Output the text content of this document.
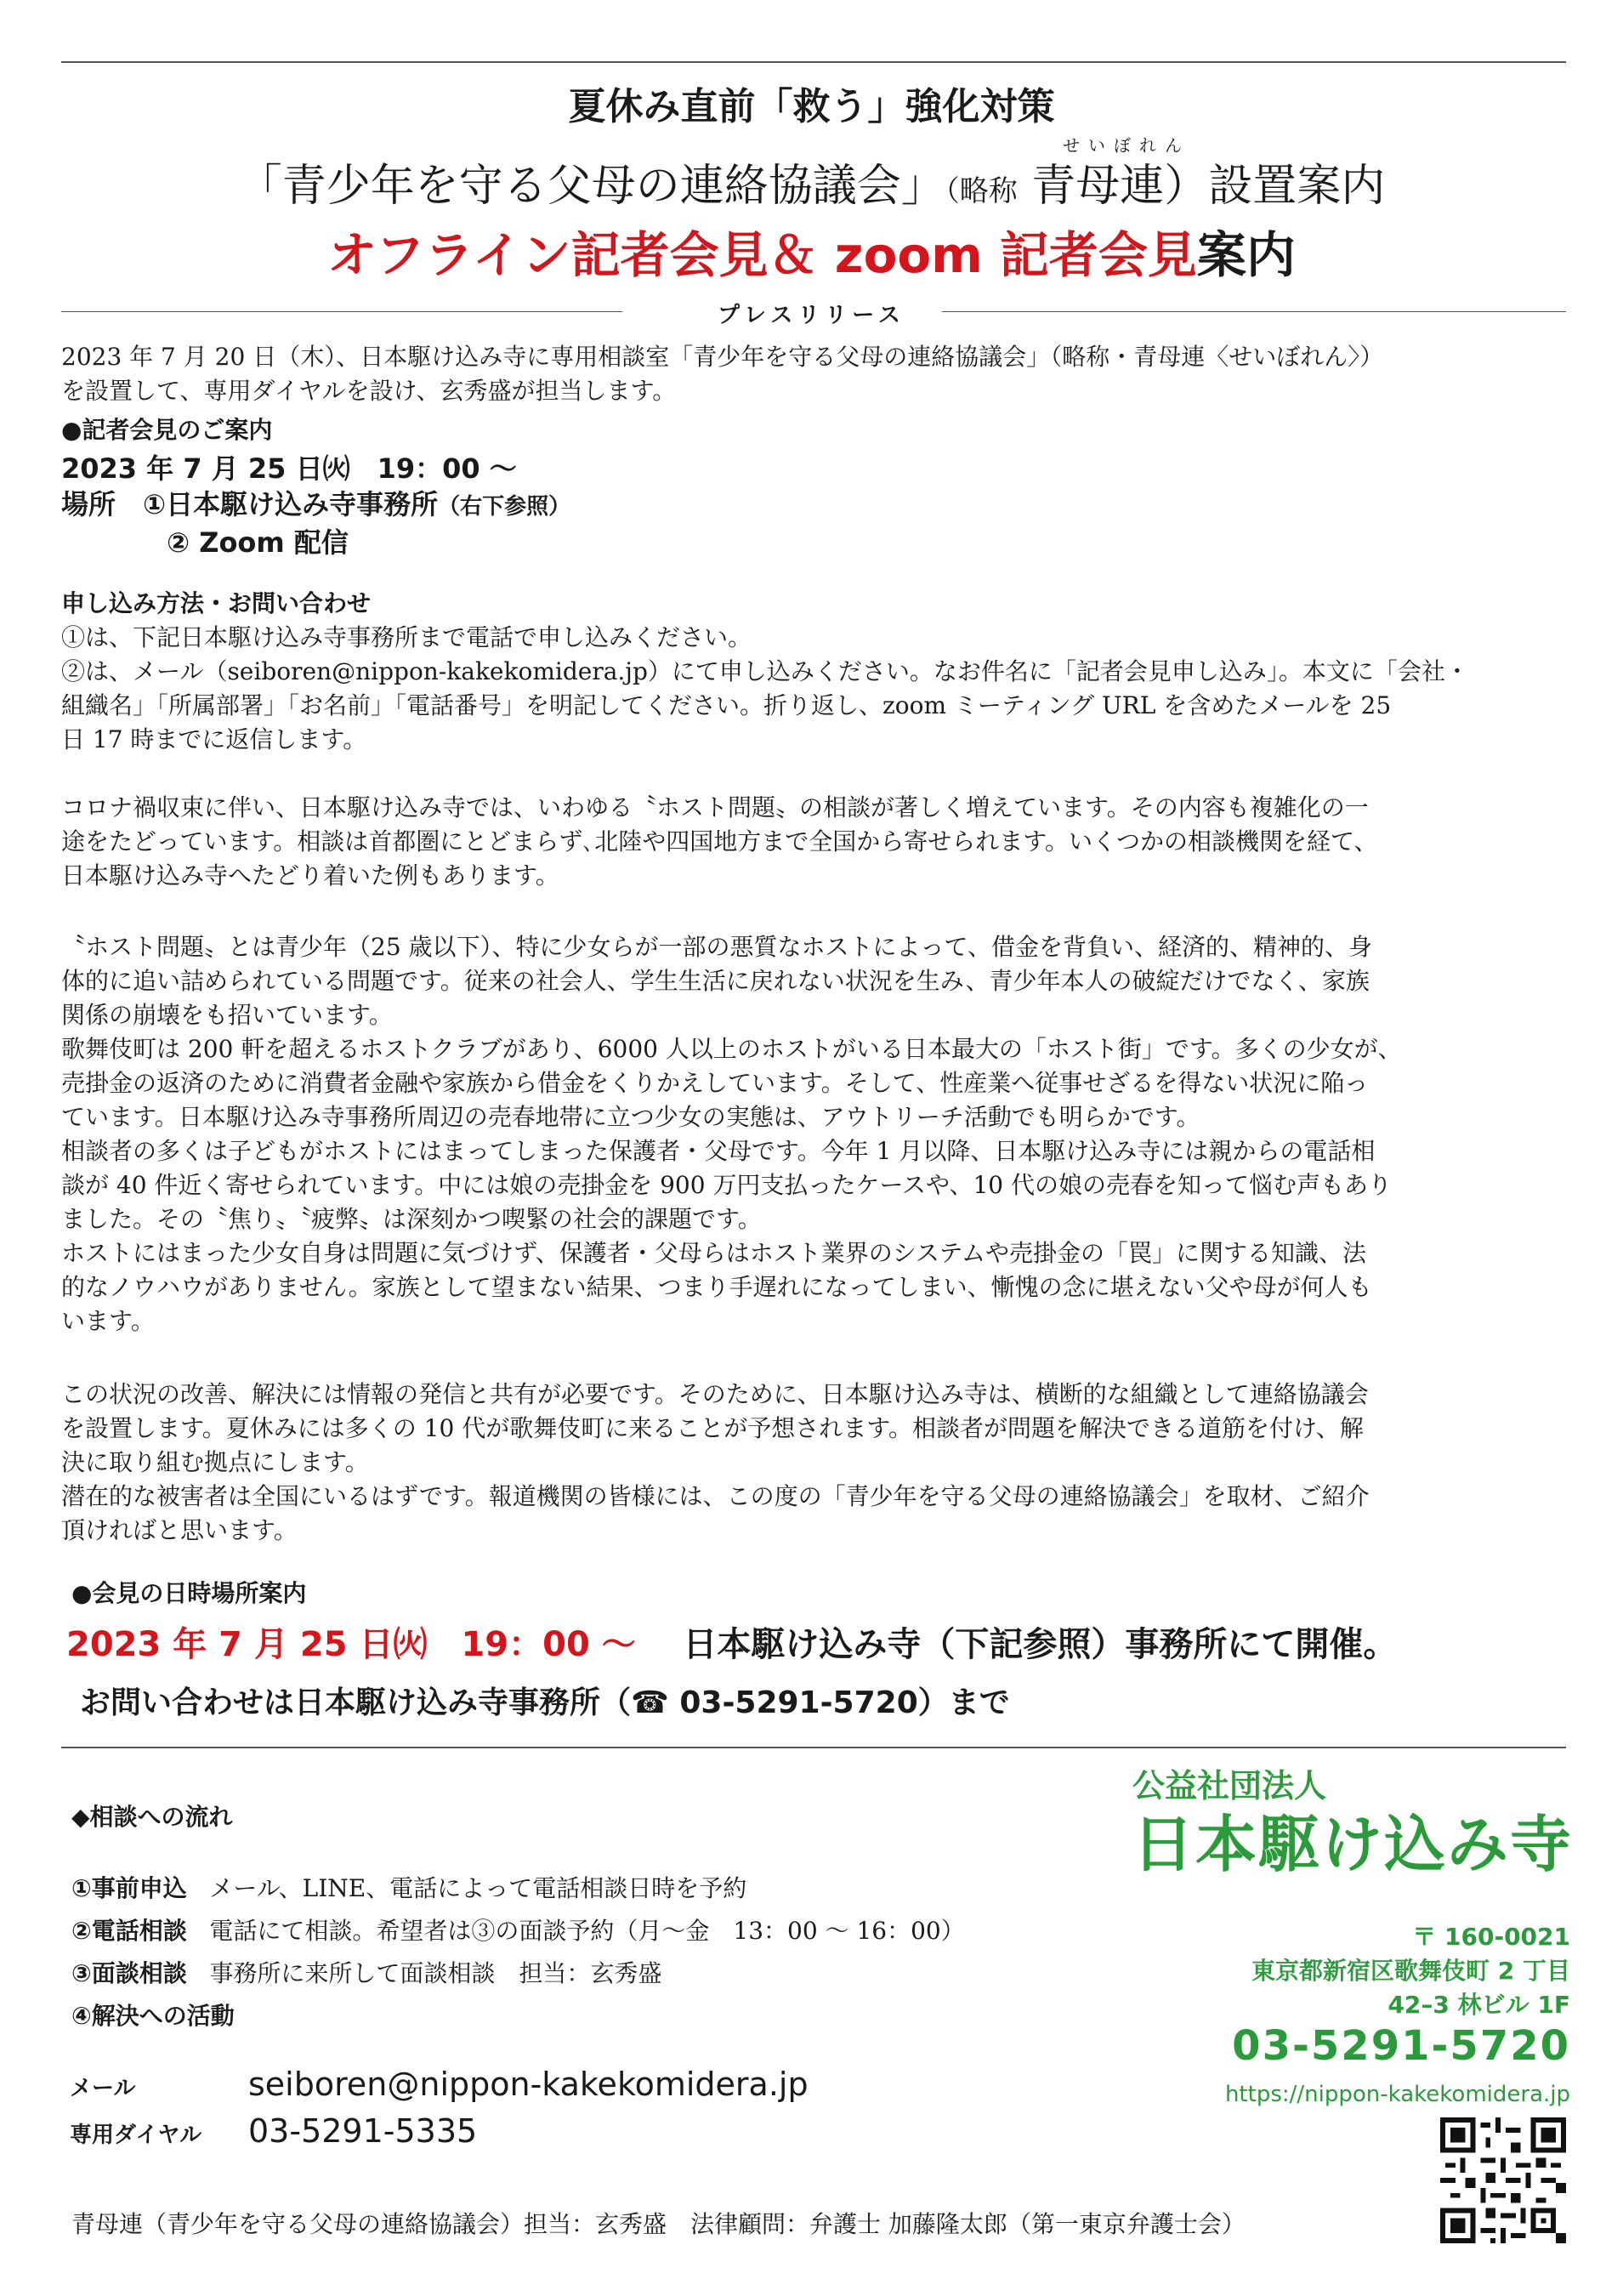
夏休み直前「救う」強化対策
「青少年を守る父母の連絡協議会」（略称 青母連）設置案内
オフライン記者会見＆ zoom 記者会見案内
せいぼれん
プレスリリース

2023 年 7 月 20 日（木）、日本駆け込み寺に専用相談室「青少年を守る父母の連絡協議会」（略称・青母連〈せいぼれん〉）

を設置して、専用ダイヤルを設け、玄秀盛が担当します。

●記者会見のご案内
2023 年 7 月 25 日㈫　19：00 〜
場所　①日本駆け込み寺事務所（右下参照）
② Zoom 配信

申し込み方法・お問い合わせ

①は、下記日本駆け込み寺事務所まで電話で申し込みください。

②は、メール（seiboren@nippon-kakekomidera.jp）にて申し込みください。なお件名に「記者会見申し込み」。本文に「会社・

組織名」「所属部署」「お名前」「電話番号」を明記してください。折り返し、zoom ミーティング URL を含めたメールを 25

日 17 時までに返信します。

コロナ禍収束に伴い、日本駆け込み寺では、いわゆる〝ホスト問題〟の相談が著しく増えています。その内容も複雑化の一

途をたどっています。相談は首都圏にとどまらず､北陸や四国地方まで全国から寄せられます。いくつかの相談機関を経て、

日本駆け込み寺へたどり着いた例もあります。

〝ホスト問題〟とは青少年（25 歳以下）、特に少女らが一部の悪質なホストによって、借金を背負い、経済的、精神的、身

体的に追い詰められている問題です。従来の社会人、学生生活に戻れない状況を生み、青少年本人の破綻だけでなく、家族

関係の崩壊をも招いています。

歌舞伎町は 200 軒を超えるホストクラブがあり、6000 人以上のホストがいる日本最大の「ホスト街」です。多くの少女が、

売掛金の返済のために消費者金融や家族から借金をくりかえしています。そして、性産業へ従事せざるを得ない状況に陥っ

ています。日本駆け込み寺事務所周辺の売春地帯に立つ少女の実態は、アウトリーチ活動でも明らかです。

相談者の多くは子どもがホストにはまってしまった保護者・父母です。今年 1 月以降、日本駆け込み寺には親からの電話相

談が 40 件近く寄せられています。中には娘の売掛金を 900 万円支払ったケースや、10 代の娘の売春を知って悩む声もあり

ました。その〝焦り〟〝疲弊〟は深刻かつ喫緊の社会的課題です。

ホストにはまった少女自身は問題に気づけず、保護者・父母らはホスト業界のシステムや売掛金の「罠」に関する知識、法

的なノウハウがありません。家族として望まない結果、つまり手遅れになってしまい、慚愧の念に堪えない父や母が何人も

います。

この状況の改善、解決には情報の発信と共有が必要です。そのために、日本駆け込み寺は、横断的な組織として連絡協議会

を設置します。夏休みには多くの 10 代が歌舞伎町に来ることが予想されます。相談者が問題を解決できる道筋を付け、解

決に取り組む拠点にします。

潜在的な被害者は全国にいるはずです。報道機関の皆様には、この度の「青少年を守る父母の連絡協議会」を取材、ご紹介

頂ければと思います。

●会見の日時場所案内
2023 年 7 月 25 日㈫　19：00 〜 日本駆け込み寺（下記参照）事務所にて開催。
お問い合わせは日本駆け込み寺事務所（☎ 03-5291-5720）まで
◆相談への流れ
①事前申込 メール、LINE、電話によって電話相談日時を予約
②電話相談 電話にて相談。希望者は③の面談予約（月〜金　13：00 〜 16：00）
③面談相談 事務所に来所して面談相談　担当：玄秀盛
④解決への活動
メール	seiboren@nippon-kakekomidera.jp
専用ダイヤル 03-5291-5335
公益社団法人
日本駆け込み寺
〒 160-0021
東京都新宿区歌舞伎町 2 丁目
42–3 林ビル 1F
03-5291-5720
https://nippon-kakekomidera.jp
青母連（青少年を守る父母の連絡協議会）担当：玄秀盛　法律顧問：弁護士 加藤隆太郎（第一東京弁護士会）
